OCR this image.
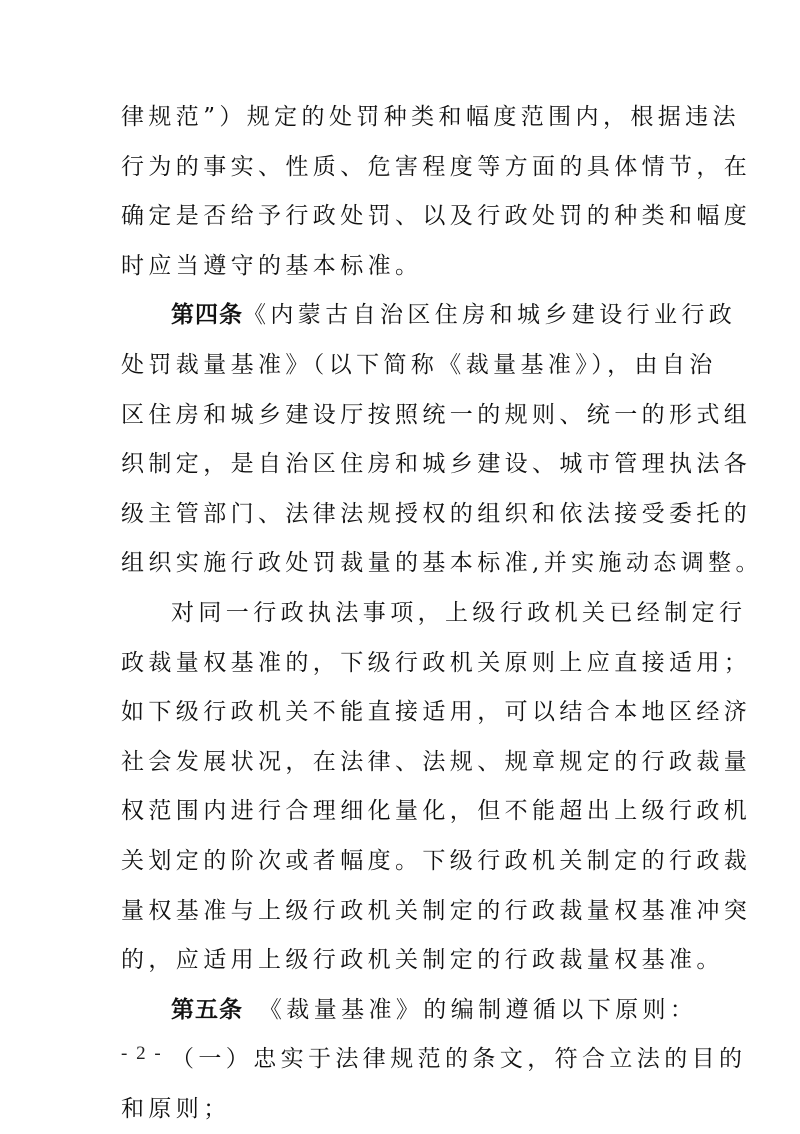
律规范”）规定的处罚种类和幅度范围内，根据违法
行为的事实、性质、危害程度等方面的具体情节，在
确定是否给予行政处罚、以及行政处罚的种类和幅度
时应当遵守的基本标准。
第四条《内蒙古自治区住房和城乡建设行业行政
处罚裁量基准》（以下简称《裁量基准》），由自治
区住房和城乡建设厅按照统一的规则、统一的形式组
织制定，是自治区住房和城乡建设、城市管理执法各
级主管部门、法律法规授权的组织和依法接受委托的
组织实施行政处罚裁量的基本标准,并实施动态调整。
对同一行政执法事项，上级行政机关已经制定行
政裁量权基准的，下级行政机关原则上应直接适用；
如下级行政机关不能直接适用，可以结合本地区经济
社会发展状况，在法律、法规、规章规定的行政裁量
权范围内进行合理细化量化，但不能超出上级行政机
关划定的阶次或者幅度。下级行政机关制定的行政裁
量权基准与上级行政机关制定的行政裁量权基准冲突
的，应适用上级行政机关制定的行政裁量权基准。
第五条　《裁量基准》的编制遵循以下原则：
（一）忠实于法律规范的条文，符合立法的目的
和原则；
- 2 -
